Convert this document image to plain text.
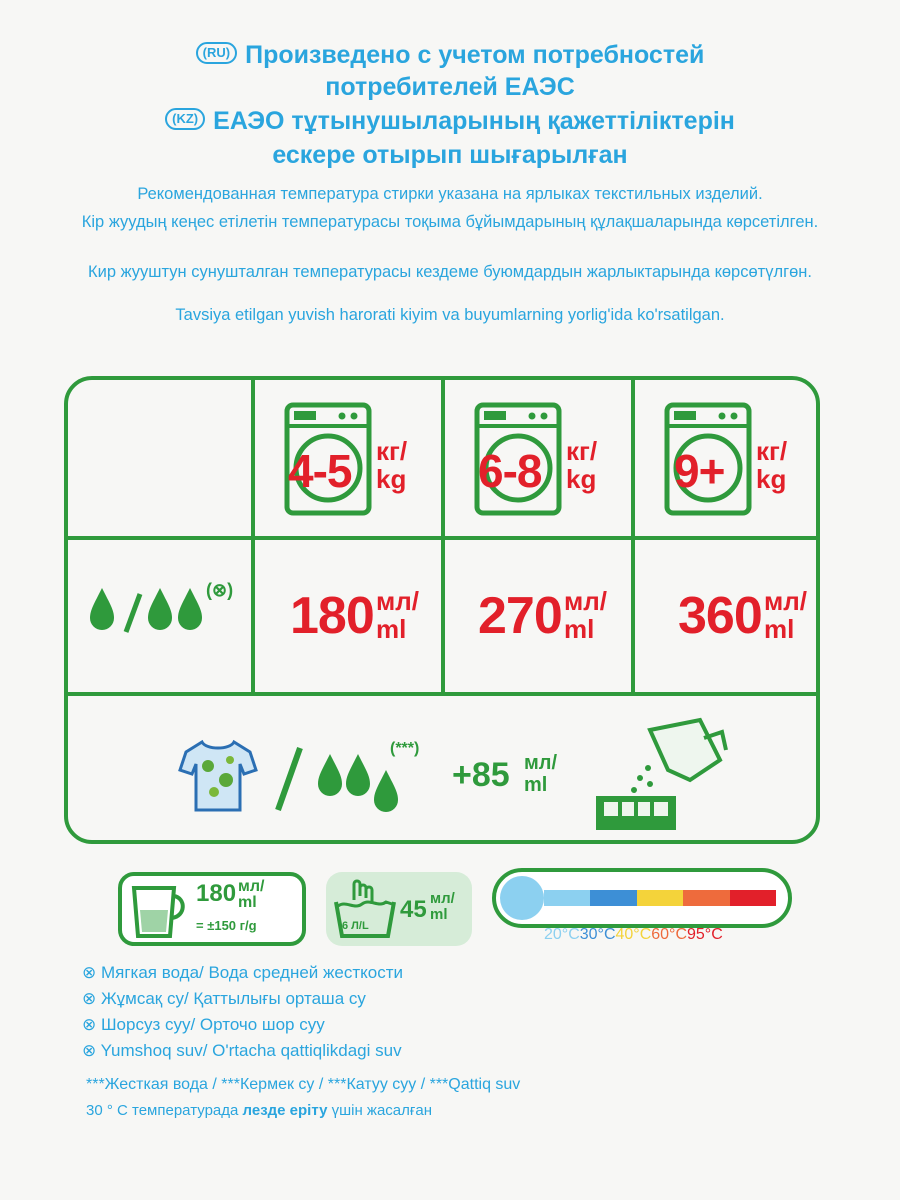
(RU) Произведено с учетом потребностей
потребителей ЕАЭС
(KZ) ЕАЭО тұтынушыларының қажеттіліктерін
ескере отырып шығарылған
Рекомендованная температура стирки указана на ярлыках текстильных изделий.
Кір жуудың кеңес етілетін температурасы тоқыма бұйымдарының құлақшаларында көрсетілген.
Кир жууштун сунушталган температурасы кездеме буюмдардын жарлыктарында көрсөтүлгөн.
Tavsiya etilgan yuvish harorati kiyim va buyumlarning yorlig'ida ko'rsatilgan.
4-5 кг/
kg 6-8 кг/
kg 9+ кг/
kg
(⊗) 180 мл/
ml 270 мл/
ml 360 мл/
ml
(***)
+85 мл/
ml
180 мл/
ml
= ±150 г/g	6 Л/L
45 мл/
ml
20°C 30°C 40°C 60°C 95°C
⊗ Мягкая вода/ Вода средней жесткости
⊗ Жұмсақ су/ Қаттылығы орташа су
⊗ Шорсуз суу/ Орточо шор суу
⊗ Yumshoq suv/ O'rtacha qattiqlikdagi suv
***Жесткая вода / ***Кермек су / ***Катуу суу / ***Qattiq suv
30 ° С температурада лезде еріту үшін жасалған
